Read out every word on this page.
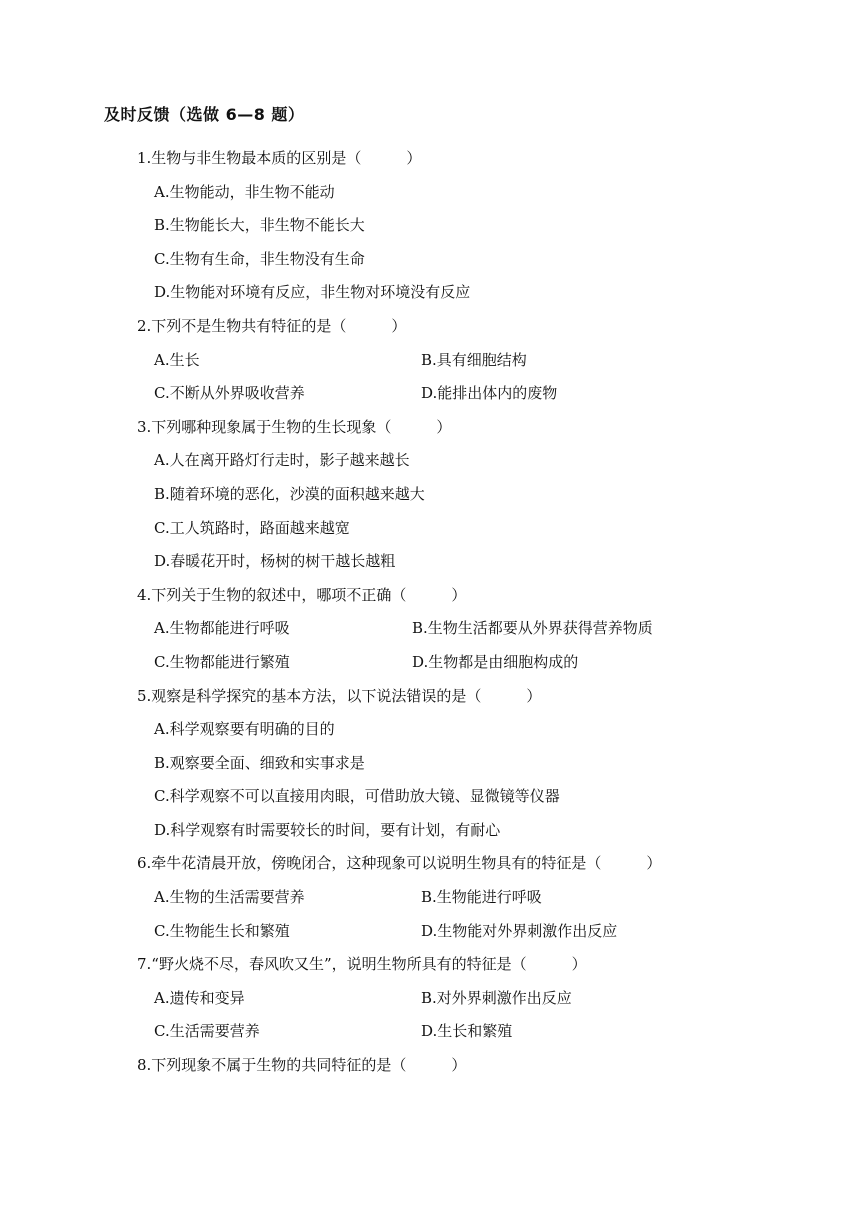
及时反馈（选做 6—8 题）
1.生物与非生物最本质的区别是（　　　）
A.生物能动，非生物不能动
B.生物能长大，非生物不能长大
C.生物有生命，非生物没有生命
D.生物能对环境有反应，非生物对环境没有反应
2.下列不是生物共有特征的是（　　　）
A.生长	B.具有细胞结构
C.不断从外界吸收营养	D.能排出体内的废物
3.下列哪种现象属于生物的生长现象（　　　）
A.人在离开路灯行走时，影子越来越长
B.随着环境的恶化，沙漠的面积越来越大
C.工人筑路时，路面越来越宽
D.春暖花开时，杨树的树干越长越粗
4.下列关于生物的叙述中，哪项不正确（　　　）
A.生物都能进行呼吸	B.生物生活都要从外界获得营养物质
C.生物都能进行繁殖	D.生物都是由细胞构成的
5.观察是科学探究的基本方法，以下说法错误的是（　　　）
A.科学观察要有明确的目的
B.观察要全面、细致和实事求是
C.科学观察不可以直接用肉眼，可借助放大镜、显微镜等仪器
D.科学观察有时需要较长的时间，要有计划，有耐心
6.牵牛花清晨开放，傍晚闭合，这种现象可以说明生物具有的特征是（　　　）
A.生物的生活需要营养	B.生物能进行呼吸
C.生物能生长和繁殖	D.生物能对外界刺激作出反应
7.“野火烧不尽，春风吹又生”，说明生物所具有的特征是（　　　）
A.遗传和变异	B.对外界刺激作出反应
C.生活需要营养	D.生长和繁殖
8.下列现象不属于生物的共同特征的是（　　　）
